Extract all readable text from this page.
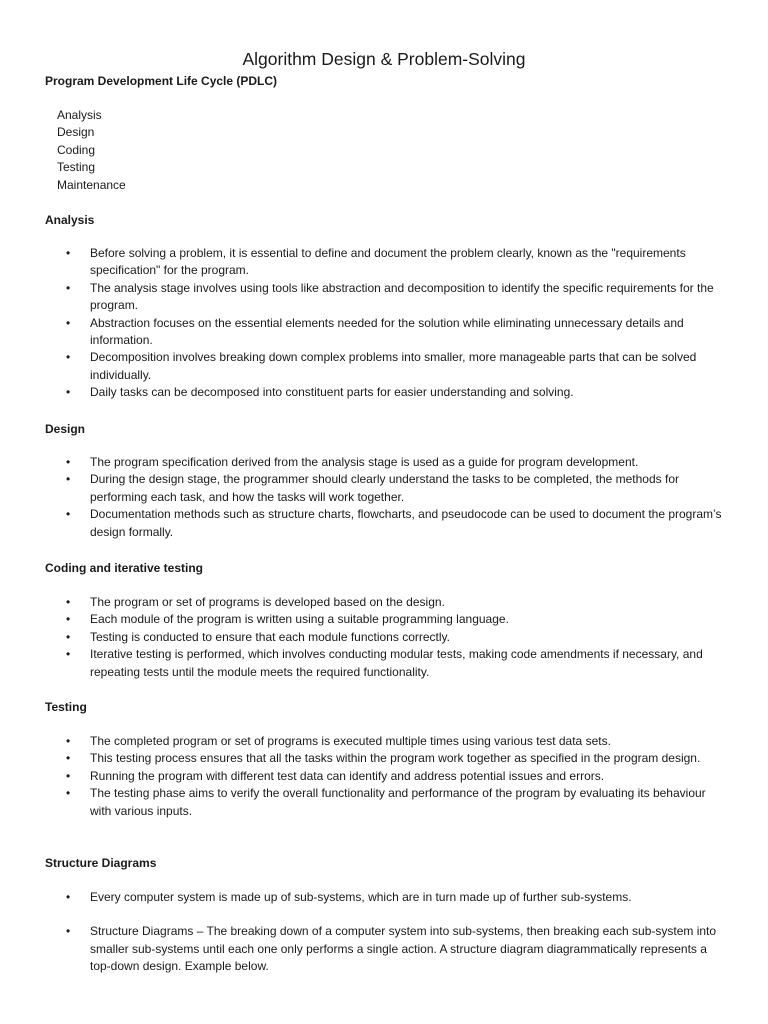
Algorithm Design & Problem-Solving
Program Development Life Cycle (PDLC)
Analysis
Design
Coding
Testing
Maintenance
Analysis
• Before solving a problem, it is essential to define and document the problem clearly, known as the "requirements specification" for the program.
• The analysis stage involves using tools like abstraction and decomposition to identify the specific requirements for the program.
• Abstraction focuses on the essential elements needed for the solution while eliminating unnecessary details and information.
• Decomposition involves breaking down complex problems into smaller, more manageable parts that can be solved individually.
• Daily tasks can be decomposed into constituent parts for easier understanding and solving.
Design
• The program specification derived from the analysis stage is used as a guide for program development.
• During the design stage, the programmer should clearly understand the tasks to be completed, the methods for performing each task, and how the tasks will work together.
• Documentation methods such as structure charts, flowcharts, and pseudocode can be used to document the program’s design formally.
Coding and iterative testing
• The program or set of programs is developed based on the design.
• Each module of the program is written using a suitable programming language.
• Testing is conducted to ensure that each module functions correctly.
• Iterative testing is performed, which involves conducting modular tests, making code amendments if necessary, and repeating tests until the module meets the required functionality.
Testing
• The completed program or set of programs is executed multiple times using various test data sets.
• This testing process ensures that all the tasks within the program work together as specified in the program design.
• Running the program with different test data can identify and address potential issues and errors.
• The testing phase aims to verify the overall functionality and performance of the program by evaluating its behaviour with various inputs.
Structure Diagrams
• Every computer system is made up of sub-systems, which are in turn made up of further sub-systems.
• Structure Diagrams – The breaking down of a computer system into sub-systems, then breaking each sub-system into smaller sub-systems until each one only performs a single action. A structure diagram diagrammatically represents a top-down design. Example below.
